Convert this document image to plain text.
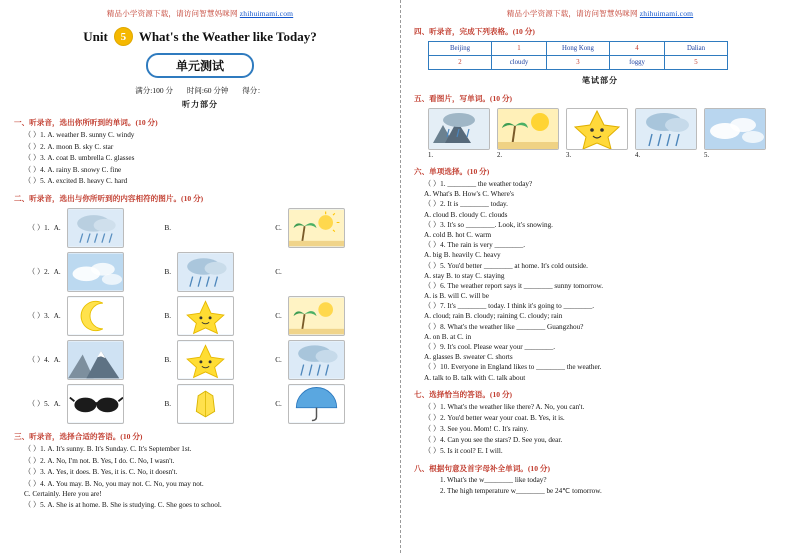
精品小学资源下载，请访问智慧妈咪网 zhihuimami.com
Unit	5 What's the Weather like Today?
单元测试
满分:100 分 时间:60 分钟 得分：
听力部分
一、听录音，选出你所听到的单词。(10 分)
（ ）1. A. weather B. sunny C. windy
（ ）2. A. moon B. sky C. star
（ ）3. A. coat B. umbrella C. glasses
（ ）4. A. rainy B. snowy C. fine
（ ）5. A. excited B. heavy C. hard
二、听录音，选出与你所听到的内容相符的图片。(10 分)
（ ）1. A.	B.	C.
（ ）2. A.	B.	C.
（ ）3. A.	B.	C.
（ ）4. A.	B.	C.
（ ）5. A.	B.	C.
三、听录音，选择合适的答语。(10 分)
（ ）1. A. It's sunny. B. It's Sunday. C. It's September 1st.
（ ）2. A. No, I'm not. B. Yes, I do. C. No, I wasn't.
（ ）3. A. Yes, it does. B. Yes, it is. C. No, it doesn't.
（ ）4. A. You may. B. No, you may not. C. No, you may not.
C. Certainly. Here you are!
（ ）5. A. She is at home. B. She is studying. C. She goes to school.
精品小学资源下载，请访问智慧妈咪网 zhihuimami.com
四、听录音，完成下列表格。(10 分)
Beijing	1	Hong Kong	4	Dalian
2	cloudy	3	foggy	5
笔试部分
五、看图片，写单词。(10 分)
1.	2.	3.	4.	5.
六、单项选择。(10 分)
（ ）1. ________ the weather today?
A. What's B. How's C. Where's
（ ）2. It is ________ today.
A. cloud B. cloudy C. clouds
（ ）3. It's so ________. Look, it's snowing.
A. cold B. hot C. warm
（ ）4. The rain is very ________.
A. big B. heavily C. heavy
（ ）5. You'd better ________ at home. It's cold outside.
A. stay B. to stay C. staying
（ ）6. The weather report says it ________ sunny tomorrow.
A. is B. will C. will be
（ ）7. It's ________ today. I think it's going to ________.
A. cloud; rain B. cloudy; raining C. cloudy; rain
（ ）8. What's the weather like ________ Guangzhou?
A. on B. at C. in
（ ）9. It's cool. Please wear your ________.
A. glasses B. sweater C. shorts
（ ）10. Everyone in England likes to ________ the weather.
A. talk to B. talk with C. talk about
七、选择恰当的答语。(10 分)
（ ）1. What's the weather like there? A. No, you can't.
（ ）2. You'd better wear your coat. B. Yes, it is.
（ ）3. See you. Mom! C. It's rainy.
（ ）4. Can you see the stars? D. See you, dear.
（ ）5. Is it cool? E. I will.
八、根据句意及首字母补全单词。(10 分)
1. What's the w________ like today?
2. The high temperature w________ be 24℃ tomorrow.
